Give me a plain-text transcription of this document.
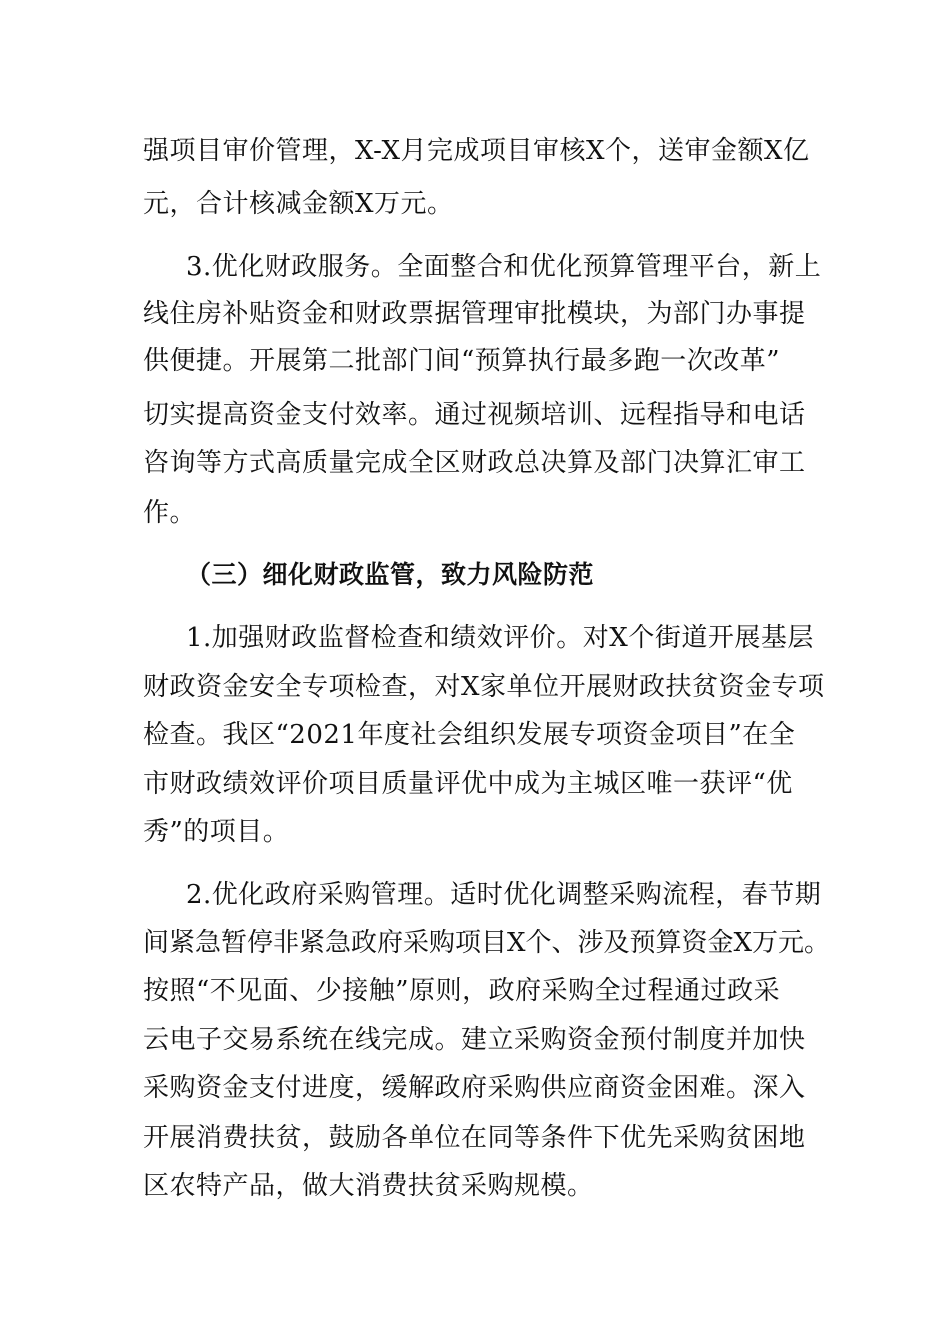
强项目审价管理，X-X月完成项目审核X个，送审金额X亿
元，合计核减金额X万元。
3.优化财政服务。全面整合和优化预算管理平台，新上
线住房补贴资金和财政票据管理审批模块，为部门办事提
供便捷。开展第二批部门间“预算执行最多跑一次改革”
切实提高资金支付效率。通过视频培训、远程指导和电话
咨询等方式高质量完成全区财政总决算及部门决算汇审工
作。
（三）细化财政监管，致力风险防范
1.加强财政监督检查和绩效评价。对X个街道开展基层
财政资金安全专项检查，对X家单位开展财政扶贫资金专项
检查。我区“2021年度社会组织发展专项资金项目”在全
市财政绩效评价项目质量评优中成为主城区唯一获评“优
秀”的项目。
2.优化政府采购管理。适时优化调整采购流程，春节期
间紧急暂停非紧急政府采购项目X个、涉及预算资金X万元。
按照“不见面、少接触”原则，政府采购全过程通过政采
云电子交易系统在线完成。建立采购资金预付制度并加快
采购资金支付进度，缓解政府采购供应商资金困难。深入
开展消费扶贫，鼓励各单位在同等条件下优先采购贫困地
区农特产品，做大消费扶贫采购规模。
